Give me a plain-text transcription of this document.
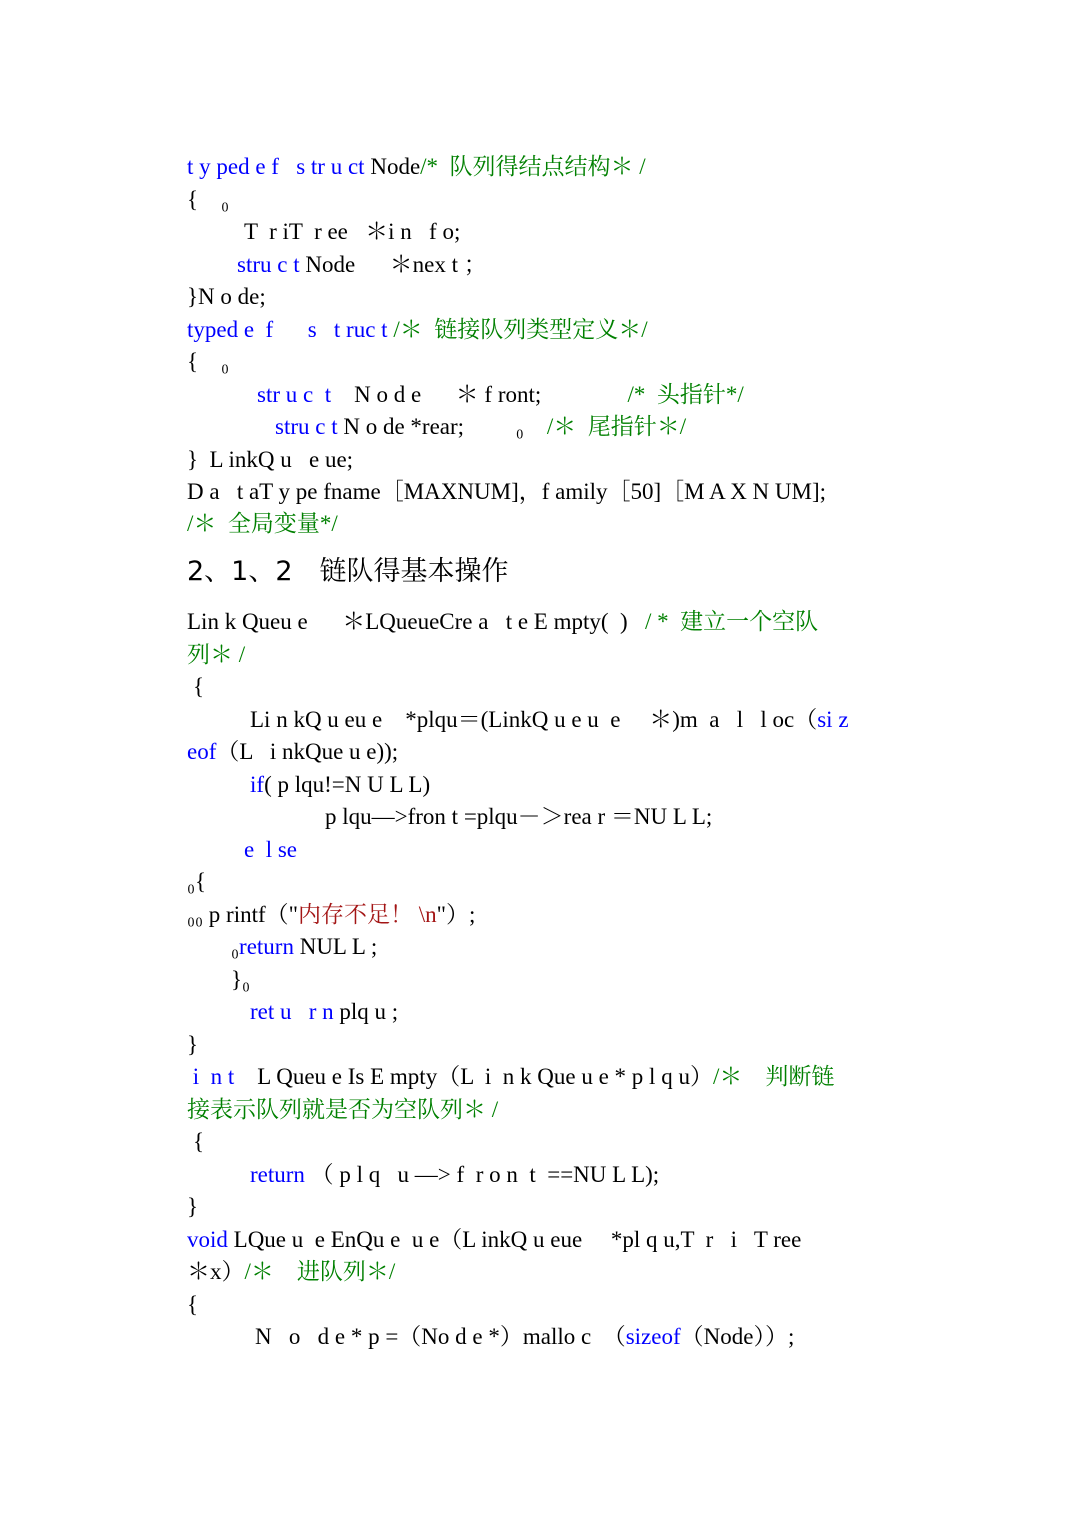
t y ped e f   s tr u ct Node/*  队列得结点结构＊ /
{    ₀
T  r iT  r ee   ＊i n   f o;
stru c t Node      ＊nex t ；
}N o de;
typed e  f      s   t ruc t /＊  链接队列类型定义＊/
{    ₀
str u c  t    N o d e      ＊ f ront;               /*  头指针*/
stru c t N o de *rear;         ₀    /＊  尾指针＊/
}  L inkQ u   e ue;
D a   t aT y pe fname［MAXNUM]，f amily［50]［M A X N UM];
/＊  全局变量*/
Lin k Queu e      ＊LQueueCre a   t e E mpty(  )   / *  建立一个空队
列＊ /
{
Li n kQ u eu e    *plqu＝(LinkQ u e u  e     ＊)m  a   l   l oc（si z
eof（L   i nkQue u e));
if( p lqu!=N U L L)
p lqu—>fron t =plqu－＞rea r ＝NU L L;
e  l se
₀{
₀₀ p rintf（"内存不足！ \n"）;
₀return NUL L ;
}₀
ret u   r n plq u ;
}
i  n t    L Queu e Is E mpty（L  i  n k Que u e * p l q u）/＊    判断链
接表示队列就是否为空队列＊ /
{
return （ p l q   u —> f  r o n  t  ==NU L L);
}
void LQue u  e EnQu e  u e（L inkQ u eue     *pl q u,T  r   i   T ree
＊x）/＊    进队列＊/
{
N   o   d e * p =（No d e *）mallo c  （sizeof（Node））;
2、1、2　链队得基本操作
